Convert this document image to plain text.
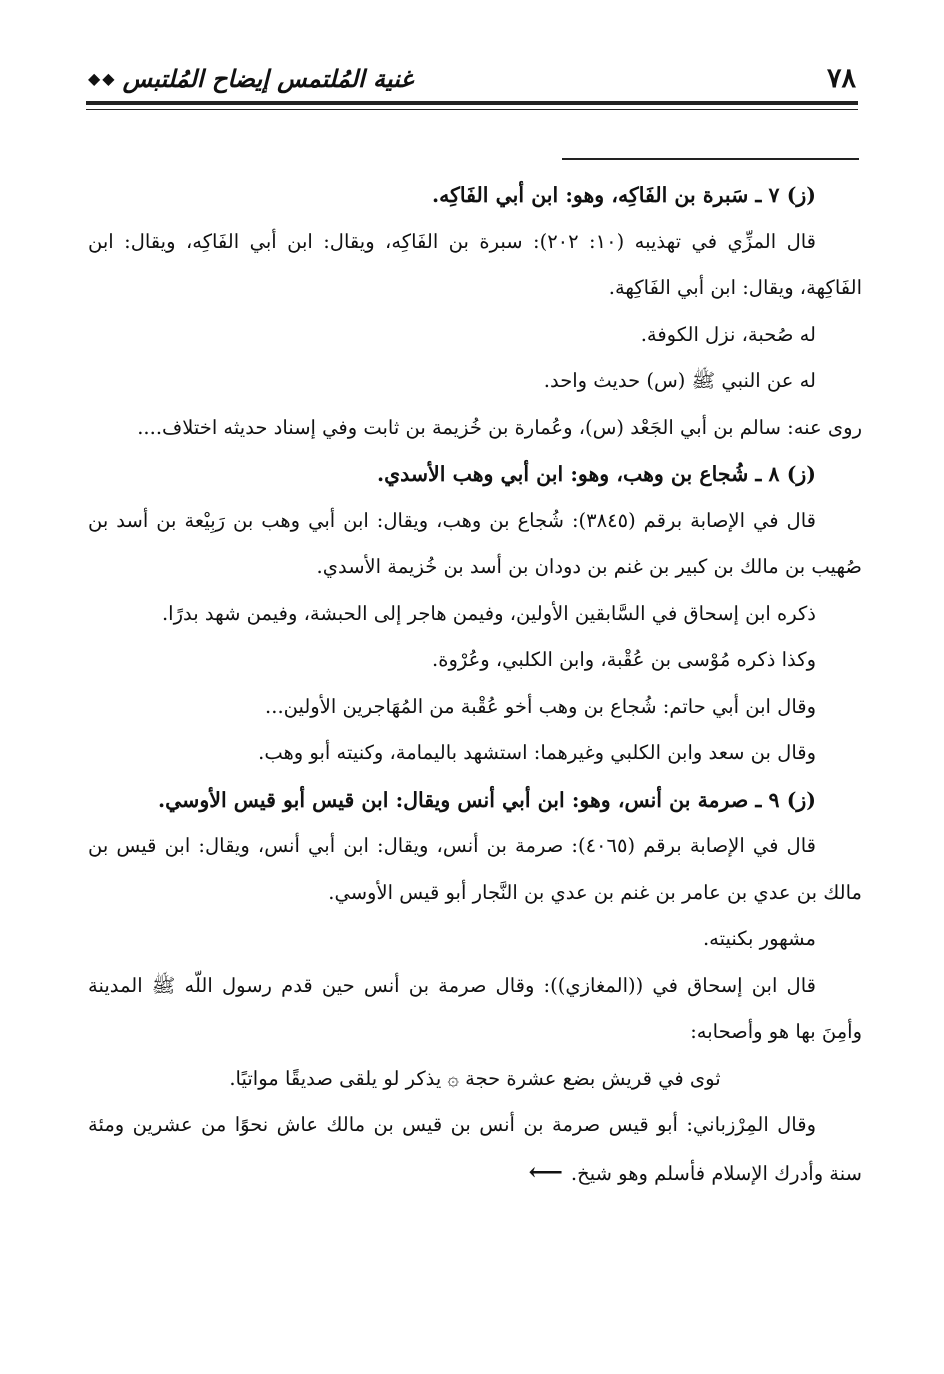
٧٨
غنية المُلتمس إيضاح المُلتبس
◆◆

(ز) ٧ ـ سَبرة بن الفَاكِه، وهو: ابن أبي الفَاكِه.

قال المزِّي في تهذيبه (١٠: ٢٠٢): سبرة بن الفَاكِه، ويقال: ابن أبي الفَاكِه، ويقال: ابن الفَاكِهة، ويقال: ابن أبي الفَاكِهة.

له صُحبة، نزل الكوفة.

له عن النبي ﷺ (س) حديث واحد.

روى عنه: سالم بن أبي الجَعْد (س)، وعُمارة بن خُزيمة بن ثابت وفي إسناد حديثه اختلاف....

(ز) ٨ ـ شُجاع بن وهب، وهو: ابن أبي وهب الأسدي.

قال في الإصابة برقم (٣٨٤٥): شُجاع بن وهب، ويقال: ابن أبي وهب بن رَبِيْعة بن أسد بن صُهيب بن مالك بن كبير بن غنم بن دودان بن أسد بن خُزيمة الأسدي.

ذكره ابن إسحاق في السَّابقين الأولين، وفيمن هاجر إلى الحبشة، وفيمن شهد بدرًا.

وكذا ذكره مُوْسى بن عُقْبة، وابن الكلبي، وعُرْوة.

وقال ابن أبي حاتم: شُجاع بن وهب أخو عُقْبة من المُهَاجرين الأولين...

وقال بن سعد وابن الكلبي وغيرهما: استشهد باليمامة، وكنيته أبو وهب.

(ز) ٩ ـ صرمة بن أنس، وهو: ابن أبي أنس ويقال: ابن قيس أبو قيس الأوسي.

قال في الإصابة برقم (٤٠٦٥): صرمة بن أنس، ويقال: ابن أبي أنس، ويقال: ابن قيس بن مالك بن عدي بن عامر بن غنم بن عدي بن النَّجار أبو قيس الأوسي.

مشهور بكنيته.

قال ابن إسحاق في ((المغازي)): وقال صرمة بن أنس حين قدم رسول اللّه ﷺ المدينة وأمِنَ بها هو وأصحابه:

ثوى في قريش بضع عشرة حجة ۞ يذكر لو يلقى صديقًا مواتيًا.

وقال المِرْزباني: أبو قيس صرمة بن أنس بن قيس بن مالك عاش نحوًا من عشرين ومئة سنة وأدرك الإسلام فأسلم وهو شيخ.⟵
